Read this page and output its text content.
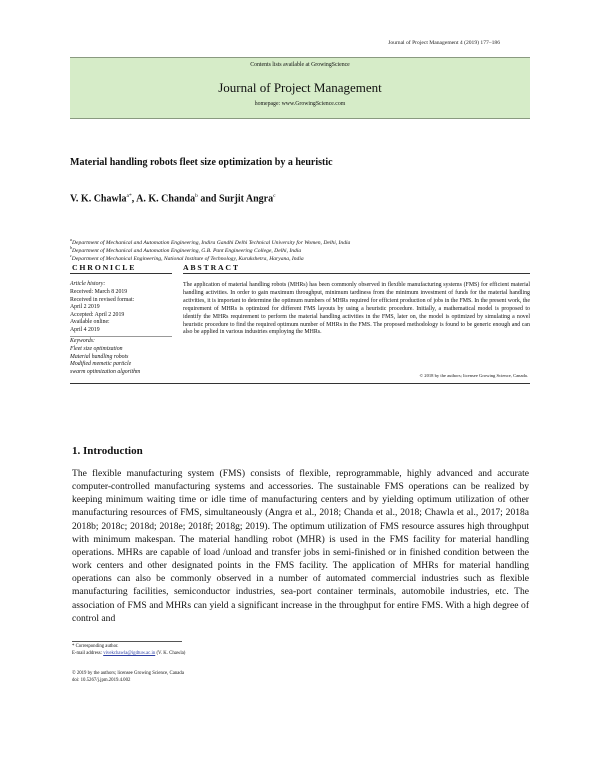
Journal of Project Management 4 (2019) 177–186
Contents lists available at GrowingScience
Journal of Project Management
homepage: www.GrowingScience.com
Material handling robots fleet size optimization by a heuristic
V. K. Chawla$^{a*}$, A. K. Chanda$^b$ and Surjit Angra$^c$
$^a$Department of Mechanical and Automation Engineering, Indira Gandhi Delhi Technical University for Women, Delhi, India
$^b$Department of Mechanical and Automation Engineering, G.B. Pant Engineering College, Delhi, India
$^c$Department of Mechanical Engineering, National Institute of Technology, Kurukshetra, Haryana, India
CHRONICLE	ABSTRACT
Article history:
Received: March 8 2019
Received in revised format:
April 2 2019
Accepted: April 2 2019
Available online:
April 4 2019
Keywords:
Fleet size optimization
Material handling robots
Modified memetic particle
swarm optimization algorithm
The application of material handling robots (MHRs) has been commonly observed in flexible manufacturing systems (FMS) for efficient material handling activities. In order to gain maximum throughput, minimum tardiness from the minimum investment of funds for the material handling activities, it is important to determine the optimum numbers of MHRs required for efficient production of jobs in the FMS. In the present work, the requirement of MHRs is optimized for different FMS layouts by using a heuristic procedure. Initially, a mathematical model is proposed to identify the MHRs requirement to perform the material handling activities in the FMS, later on, the model is optimized by simulating a novel heuristic procedure to find the required optimum number of MHRs in the FMS. The proposed methodology is found to be generic enough and can also be applied in various industries employing the MHRs.
© 2018 by the authors; licensee Growing Science, Canada.
1. Introduction

The flexible manufacturing system (FMS) consists of flexible, reprogrammable, highly advanced and accurate computer-controlled manufacturing systems and accessories. The sustainable FMS operations can be realized by keeping minimum waiting time or idle time of manufacturing centers and by yielding optimum utilization of other manufacturing resources of FMS, simultaneously (Angra et al., 2018; Chanda et al., 2018; Chawla et al., 2017; 2018a 2018b; 2018c; 2018d; 2018e; 2018f; 2018g; 2019). The optimum utilization of FMS resource assures high throughput with minimum makespan. The material handling robot (MHR) is used in the FMS facility for material handling operations. MHRs are capable of load /unload and transfer jobs in semi-finished or in finished condition between the work centers and other designated points in the FMS facility. The application of MHRs for material handling operations can also be commonly observed in a number of automated commercial industries such as flexible manufacturing facilities, semiconductor industries, sea-port container terminals, automobile industries, etc. The association of FMS and MHRs can yield a significant increase in the throughput for entire FMS. With a high degree of control and

* Corresponding author.
E-mail address: vivekchawla@igdtuw.ac.in (V. K. Chawla)
© 2019 by the authors; licensee Growing Science, Canada
doi: 10.5267/j.jpm.2019.4.002
